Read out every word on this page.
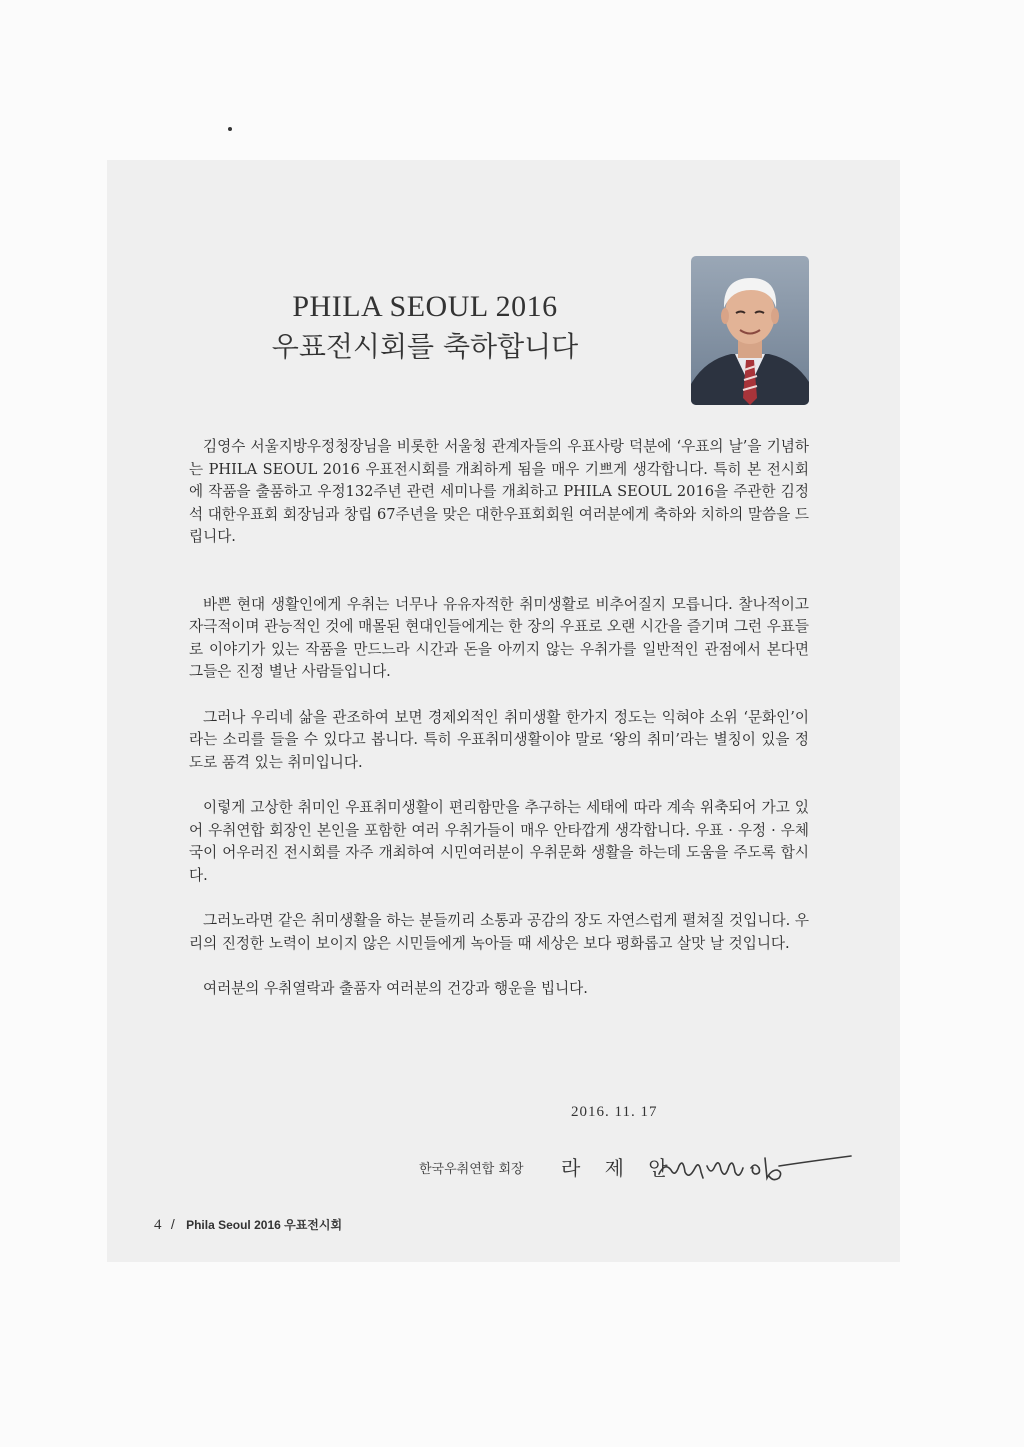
PHILA SEOUL 2016
우표전시회를 축하합니다

김영수 서울지방우정청장님을 비롯한 서울청 관계자들의 우표사랑 덕분에 ‘우표의 날’을 기념하는 PHILA SEOUL 2016 우표전시회를 개최하게 됨을 매우 기쁘게 생각합니다. 특히 본 전시회에 작품을 출품하고 우정132주년 관련 세미나를 개최하고 PHILA SEOUL 2016을 주관한 김정석 대한우표회 회장님과 창립 67주년을 맞은 대한우표회회원 여러분에게 축하와 치하의 말씀을 드립니다.

바쁜 현대 생활인에게 우취는 너무나 유유자적한 취미생활로 비추어질지 모릅니다. 찰나적이고 자극적이며 관능적인 것에 매몰된 현대인들에게는 한 장의 우표로 오랜 시간을 즐기며 그런 우표들로 이야기가 있는 작품을 만드느라 시간과 돈을 아끼지 않는 우취가를 일반적인 관점에서 본다면 그들은 진정 별난 사람들입니다.

그러나 우리네 삶을 관조하여 보면 경제외적인 취미생활 한가지 정도는 익혀야 소위 ‘문화인’이라는 소리를 들을 수 있다고 봅니다. 특히 우표취미생활이야 말로 ‘왕의 취미’라는 별칭이 있을 정도로 품격 있는 취미입니다.

이렇게 고상한 취미인 우표취미생활이 편리함만을 추구하는 세태에 따라 계속 위축되어 가고 있어 우취연합 회장인 본인을 포함한 여러 우취가들이 매우 안타깝게 생각합니다. 우표 · 우정 · 우체국이 어우러진 전시회를 자주 개최하여 시민여러분이 우취문화 생활을 하는데 도움을 주도록 합시다.

그러노라면 같은 취미생활을 하는 분들끼리 소통과 공감의 장도 자연스럽게 펼쳐질 것입니다. 우리의 진정한 노력이 보이지 않은 시민들에게 녹아들 때 세상은 보다 평화롭고 살맛 날 것입니다.

여러분의 우취열락과 출품자 여러분의 건강과 행운을 빕니다.

2016. 11. 17
한국우취연합 회장 라 제 안
4 / Phila Seoul 2016 우표전시회
